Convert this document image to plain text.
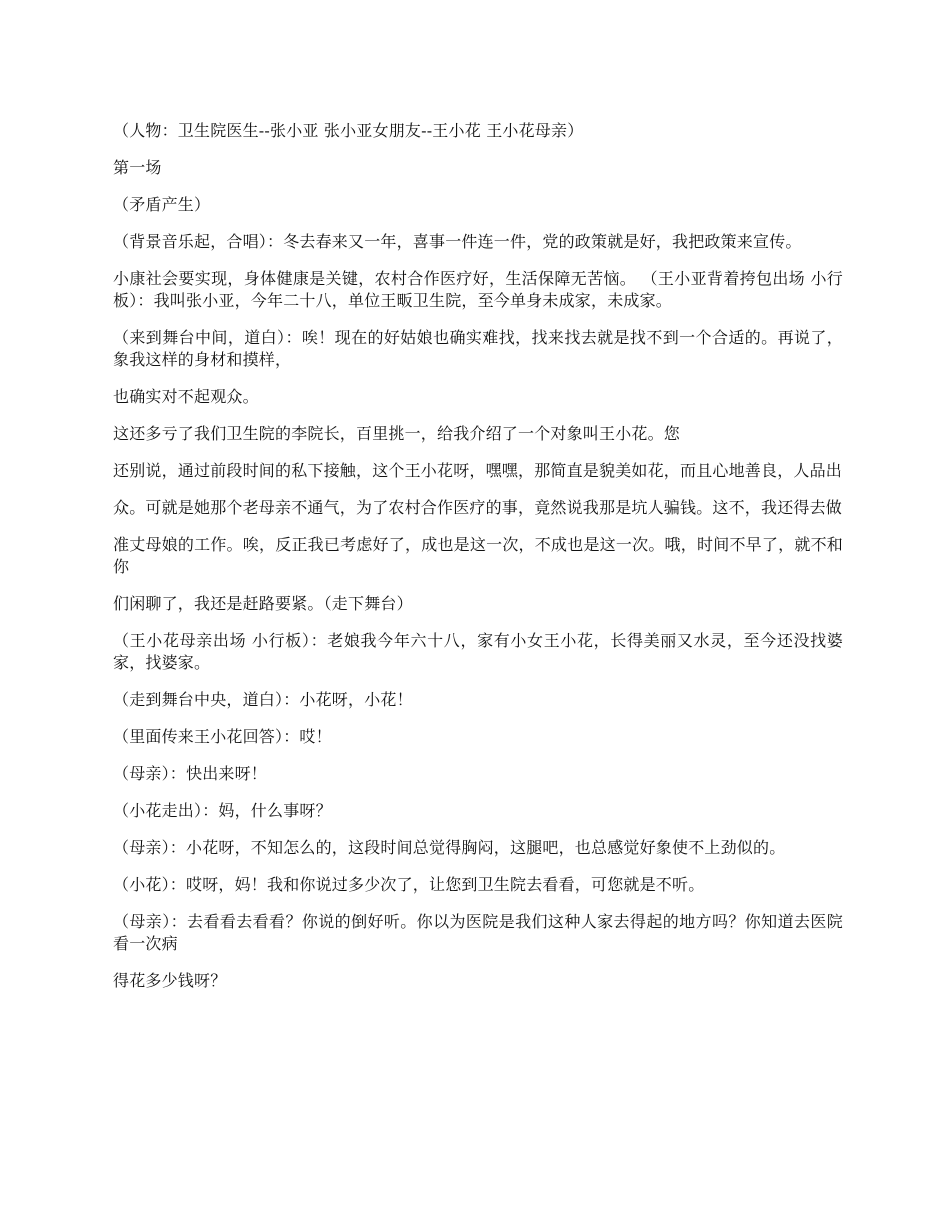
（人物：卫生院医生--张小亚 张小亚女朋友--王小花 王小花母亲）

第一场

（矛盾产生）

（背景音乐起，合唱）：冬去春来又一年，喜事一件连一件，党的政策就是好，我把政策来宣传。

小康社会要实现，身体健康是关键，农村合作医疗好，生活保障无苦恼。 （王小亚背着挎包出场 小行板）：我叫张小亚，今年二十八，单位王畈卫生院，至今单身未成家，未成家。

（来到舞台中间，道白）：唉！现在的好姑娘也确实难找，找来找去就是找不到一个合适的。再说了，象我这样的身材和摸样，

也确实对不起观众。

这还多亏了我们卫生院的李院长，百里挑一，给我介绍了一个对象叫王小花。您

还别说，通过前段时间的私下接触，这个王小花呀，嘿嘿，那简直是貌美如花，而且心地善良，人品出

众。可就是她那个老母亲不通气，为了农村合作医疗的事，竟然说我那是坑人骗钱。这不，我还得去做

准丈母娘的工作。唉，反正我已考虑好了，成也是这一次，不成也是这一次。哦，时间不早了，就不和你

们闲聊了，我还是赶路要紧。（走下舞台）

（王小花母亲出场 小行板）：老娘我今年六十八，家有小女王小花，长得美丽又水灵，至今还没找婆家，找婆家。

（走到舞台中央，道白）：小花呀，小花！

（里面传来王小花回答）：哎！

（母亲）：快出来呀！

（小花走出）：妈，什么事呀？

（母亲）：小花呀，不知怎么的，这段时间总觉得胸闷，这腿吧，也总感觉好象使不上劲似的。

（小花）：哎呀，妈！我和你说过多少次了，让您到卫生院去看看，可您就是不听。

（母亲）：去看看去看看？你说的倒好听。你以为医院是我们这种人家去得起的地方吗？你知道去医院看一次病

得花多少钱呀？
